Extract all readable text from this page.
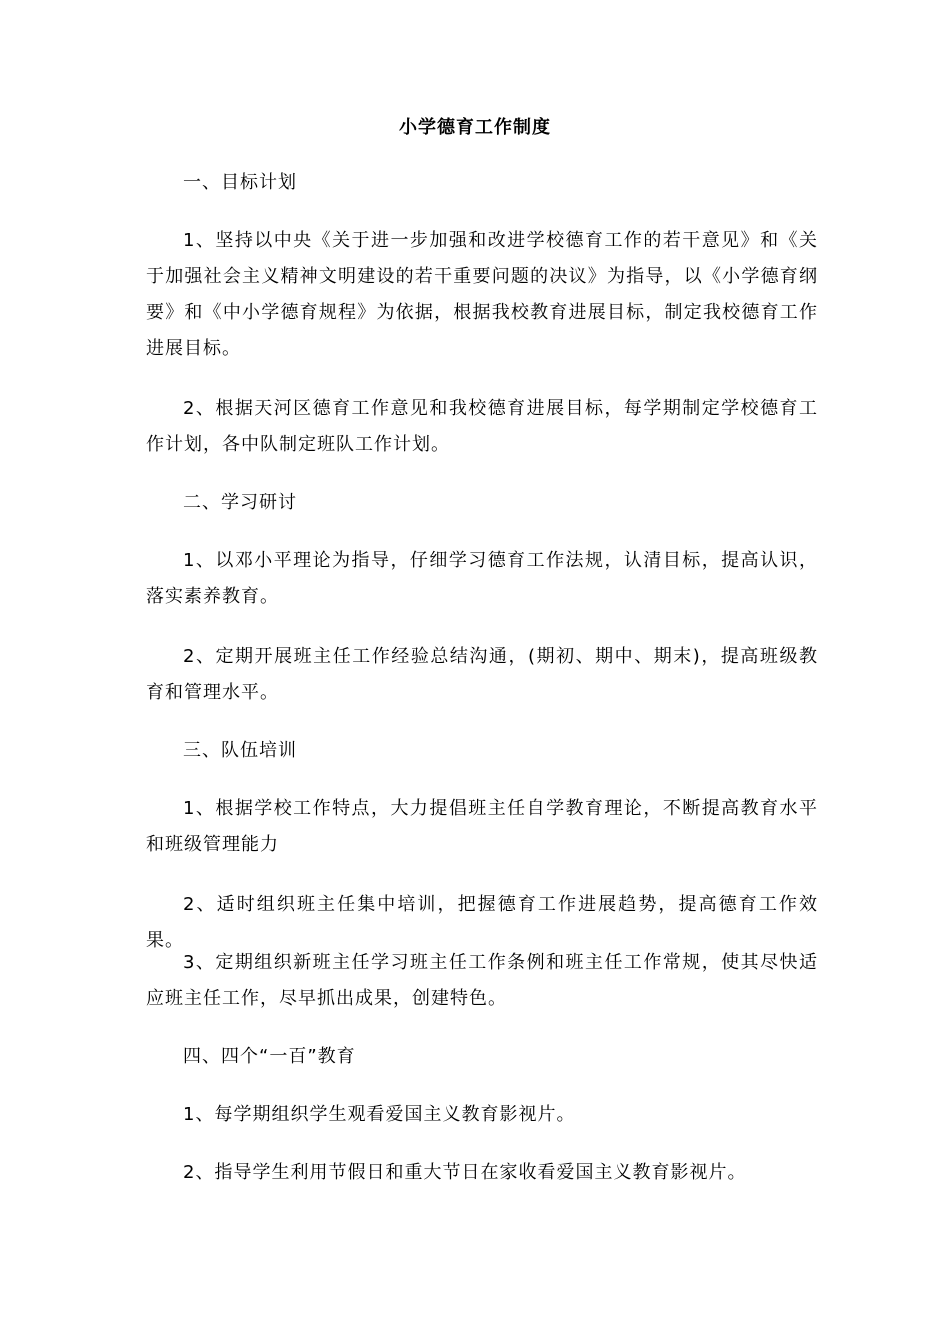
小学德育工作制度
一、目标计划
1、坚持以中央《关于进一步加强和改进学校德育工作的若干意见》和《关于加强社会主义精神文明建设的若干重要问题的决议》为指导，以《小学德育纲要》和《中小学德育规程》为依据，根据我校教育进展目标，制定我校德育工作进展目标。
2、根据天河区德育工作意见和我校德育进展目标，每学期制定学校德育工作计划，各中队制定班队工作计划。
二、学习研讨
1、以邓小平理论为指导，仔细学习德育工作法规，认清目标，提高认识，落实素养教育。
2、定期开展班主任工作经验总结沟通，(期初、期中、期末)，提高班级教育和管理水平。
三、队伍培训
1、根据学校工作特点，大力提倡班主任自学教育理论，不断提高教育水平和班级管理能力
2、适时组织班主任集中培训，把握德育工作进展趋势，提高德育工作效果。
3、定期组织新班主任学习班主任工作条例和班主任工作常规，使其尽快适应班主任工作，尽早抓出成果，创建特色。
四、四个“一百”教育
1、每学期组织学生观看爱国主义教育影视片。
2、指导学生利用节假日和重大节日在家收看爱国主义教育影视片。
